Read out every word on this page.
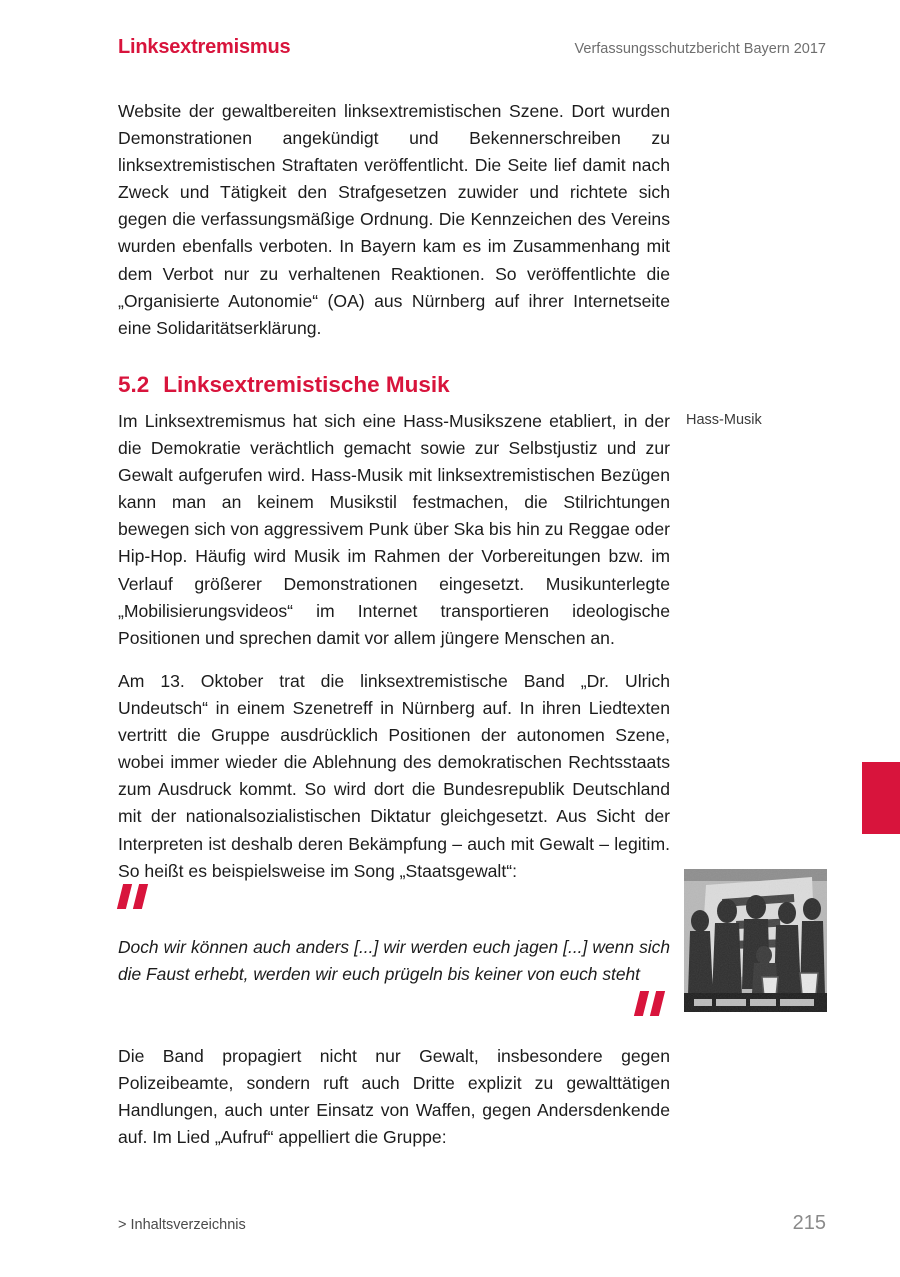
Linksextremismus	Verfassungsschutzbericht Bayern 2017

Website der gewaltbereiten linksextremistischen Szene. Dort wurden Demonstrationen angekündigt und Bekennerschreiben zu linksextremistischen Straftaten veröffentlicht. Die Seite lief damit nach Zweck und Tätigkeit den Strafgesetzen zuwider und richtete sich gegen die verfassungsmäßige Ordnung. Die Kennzeichen des Vereins wurden ebenfalls verboten. In Bayern kam es im Zusammenhang mit dem Verbot nur zu verhaltenen Reaktionen. So veröffentlichte die „Organisierte Autonomie“ (OA) aus Nürnberg auf ihrer Internetseite eine Solidaritätserklärung.

5.2 Linksextremistische Musik
Hass-Musik

Im Linksextremismus hat sich eine Hass-Musikszene etabliert, in der die Demokratie verächtlich gemacht sowie zur Selbstjustiz und zur Gewalt aufgerufen wird. Hass-Musik mit linksextremistischen Bezügen kann man an keinem Musikstil festmachen, die Stilrichtungen bewegen sich von aggressivem Punk über Ska bis hin zu Reggae oder Hip-Hop. Häufig wird Musik im Rahmen der Vorbereitungen bzw. im Verlauf größerer Demonstrationen eingesetzt. Musikunterlegte „Mobilisierungsvideos“ im Internet transportieren ideologische Positionen und sprechen damit vor allem jüngere Menschen an.

Am 13. Oktober trat die linksextremistische Band „Dr. Ulrich Undeutsch“ in einem Szenetreff in Nürnberg auf. In ihren Liedtexten vertritt die Gruppe ausdrücklich Positionen der autonomen Szene, wobei immer wieder die Ablehnung des demokratischen Rechtsstaats zum Ausdruck kommt. So wird dort die Bundesrepublik Deutschland mit der nationalsozialistischen Diktatur gleichgesetzt. Aus Sicht der Interpreten ist deshalb deren Bekämpfung – auch mit Gewalt – legitim. So heißt es beispielsweise im Song „Staatsgewalt“:

Doch wir können auch anders [...] wir werden euch jagen [...] wenn sich die Faust erhebt, werden wir euch prügeln bis keiner von euch steht

Die Band propagiert nicht nur Gewalt, insbesondere gegen Polizeibeamte, sondern ruft auch Dritte explizit zu gewalttätigen Handlungen, auch unter Einsatz von Waffen, gegen Andersdenkende auf. Im Lied „Aufruf“ appelliert die Gruppe:

> Inhaltsverzeichnis	215
